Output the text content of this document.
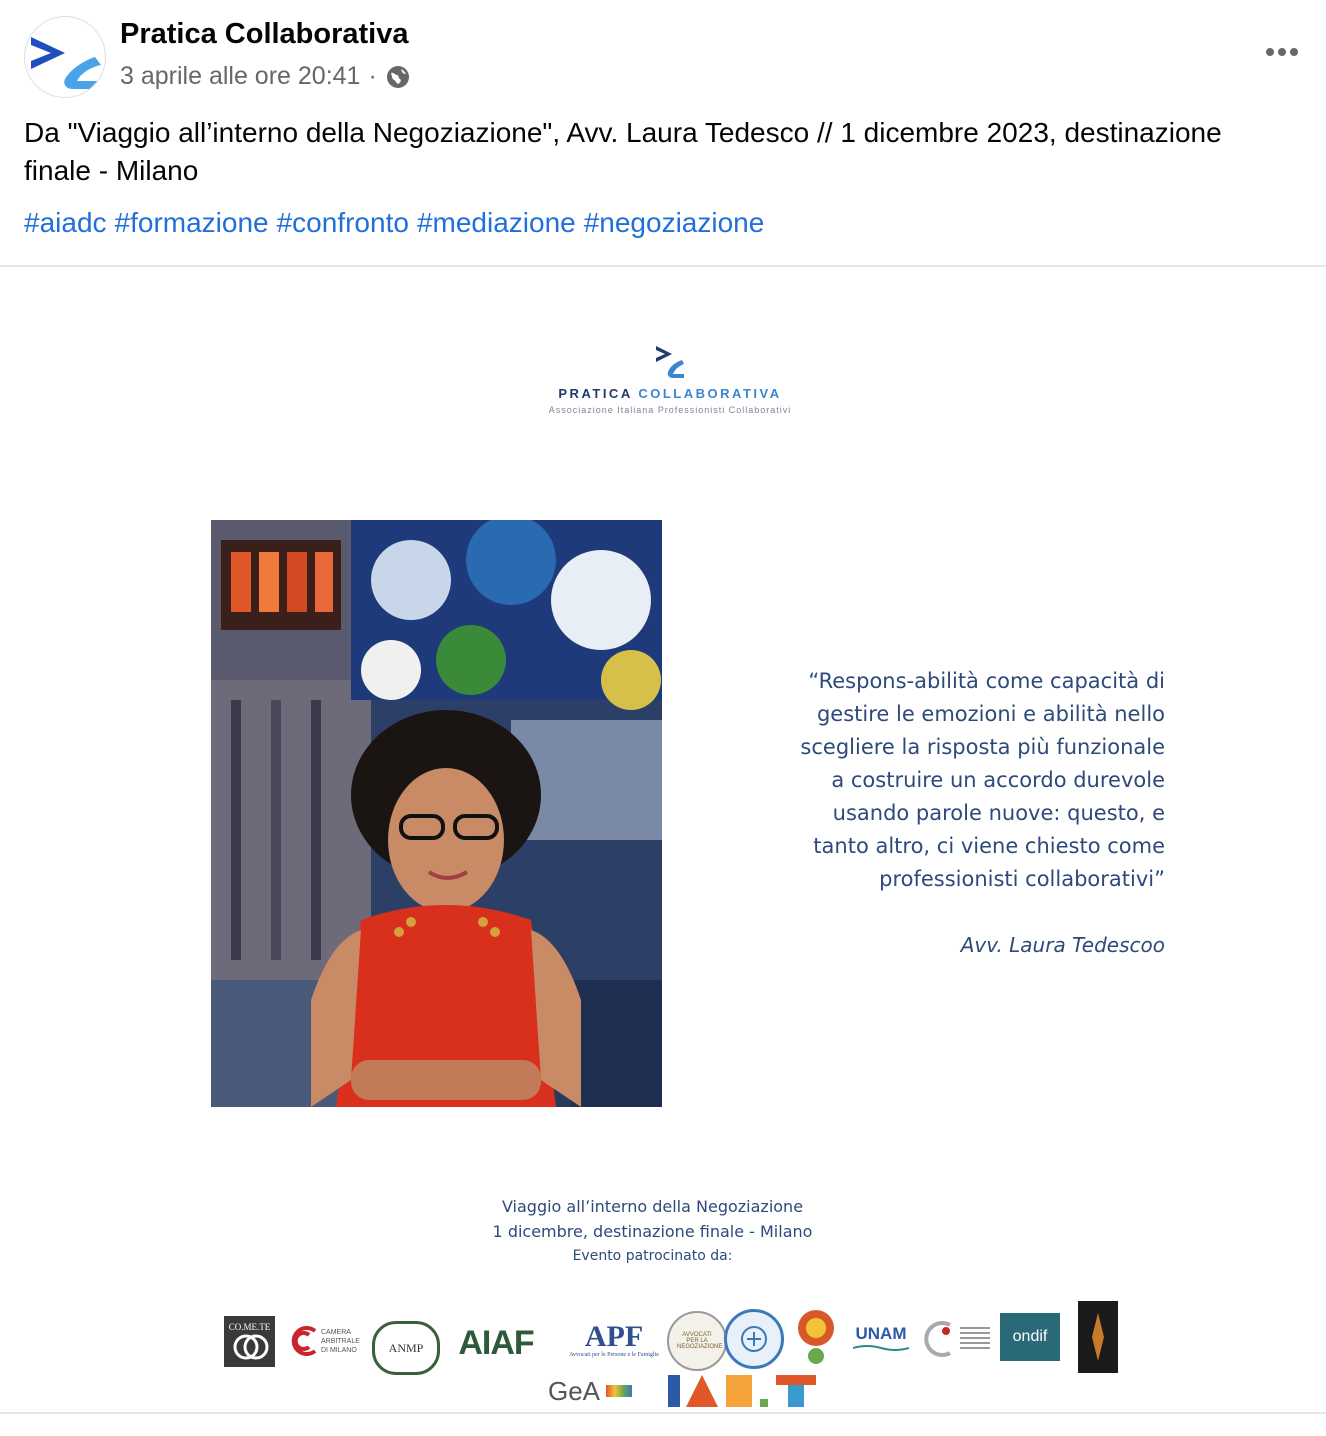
Pratica Collaborativa
3 aprile alle ore 20:41 ·
Da "Viaggio all’interno della Negoziazione", Avv. Laura Tedesco // 1 dicembre 2023, destinazione finale - Milano
#aiadc #formazione #confronto #mediazione #negoziazione
PRATICA COLLABORATIVA
Associazione Italiana Professionisti Collaborativi
“Respons-abilità come capacità di
gestire le emozioni e abilità nello
scegliere la risposta più funzionale
a costruire un accordo durevole
usando parole nuove: questo, e
tanto altro, ci viene chiesto come
professionisti collaborativi”
Avv. Laura Tedescoo
Viaggio all’interno della Negoziazione
1 dicembre, destinazione finale - Milano
Evento patrocinato da:
CO.ME.TE
CAMERA ARBITRALE DI MILANO	ANMP AIAF APF
Avvocati per le Persone e le Famiglie
AVVOCATI PER LA NEGOZIAZIONE
UNAM	ondif
GeA
